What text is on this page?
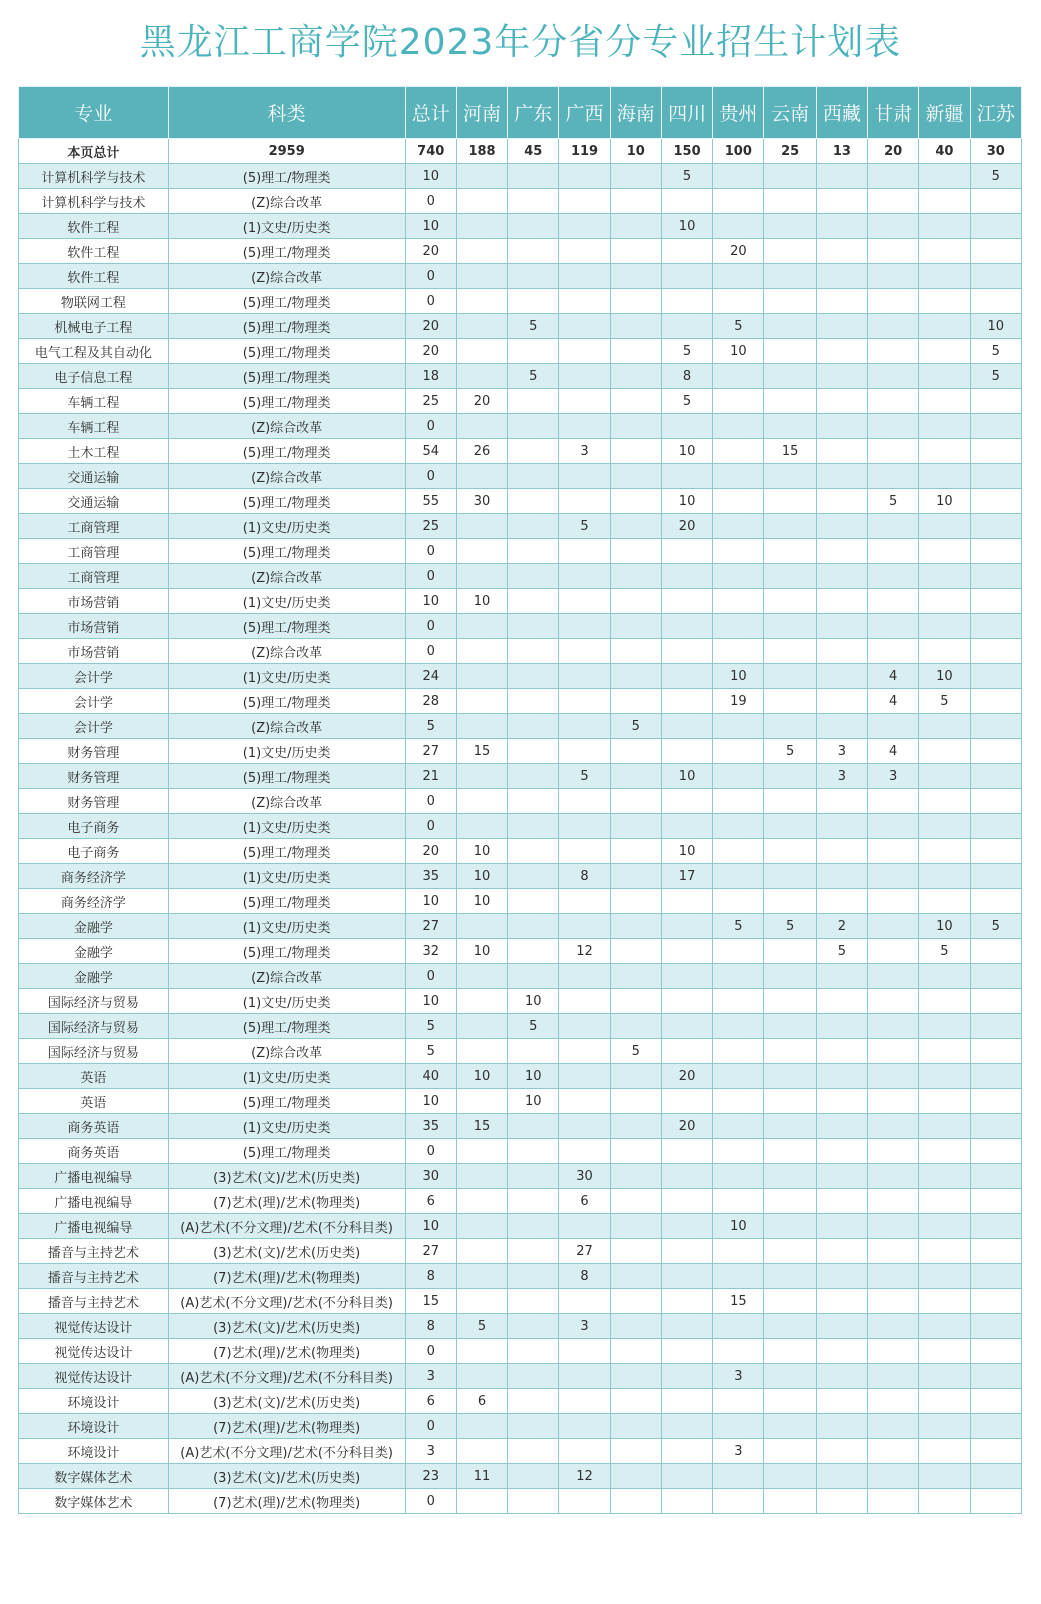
黑龙江工商学院2023年分省分专业招生计划表
专业	科类	总计	河南	广东	广西	海南	四川	贵州	云南	西藏	甘肃	新疆	江苏
本页总计	2959	740	188	45	119	10	150	100	25	13	20	40	30
计算机科学与技术	(5)理工/物理类	10					5						5
计算机科学与技术	(Z)综合改革	0											
软件工程	(1)文史/历史类	10					10						
软件工程	(5)理工/物理类	20						20					
软件工程	(Z)综合改革	0											
物联网工程	(5)理工/物理类	0											
机械电子工程	(5)理工/物理类	20		5				5					10
电气工程及其自动化	(5)理工/物理类	20					5	10					5
电子信息工程	(5)理工/物理类	18		5			8						5
车辆工程	(5)理工/物理类	25	20				5						
车辆工程	(Z)综合改革	0											
土木工程	(5)理工/物理类	54	26		3		10		15				
交通运输	(Z)综合改革	0											
交通运输	(5)理工/物理类	55	30				10				5	10	
工商管理	(1)文史/历史类	25			5		20						
工商管理	(5)理工/物理类	0											
工商管理	(Z)综合改革	0											
市场营销	(1)文史/历史类	10	10										
市场营销	(5)理工/物理类	0											
市场营销	(Z)综合改革	0											
会计学	(1)文史/历史类	24						10			4	10	
会计学	(5)理工/物理类	28						19			4	5	
会计学	(Z)综合改革	5				5							
财务管理	(1)文史/历史类	27	15						5	3	4		
财务管理	(5)理工/物理类	21			5		10			3	3		
财务管理	(Z)综合改革	0											
电子商务	(1)文史/历史类	0											
电子商务	(5)理工/物理类	20	10				10						
商务经济学	(1)文史/历史类	35	10		8		17						
商务经济学	(5)理工/物理类	10	10										
金融学	(1)文史/历史类	27						5	5	2		10	5
金融学	(5)理工/物理类	32	10		12					5		5	
金融学	(Z)综合改革	0											
国际经济与贸易	(1)文史/历史类	10		10									
国际经济与贸易	(5)理工/物理类	5		5									
国际经济与贸易	(Z)综合改革	5				5							
英语	(1)文史/历史类	40	10	10			20						
英语	(5)理工/物理类	10		10									
商务英语	(1)文史/历史类	35	15				20						
商务英语	(5)理工/物理类	0											
广播电视编导	(3)艺术(文)/艺术(历史类)	30			30								
广播电视编导	(7)艺术(理)/艺术(物理类)	6			6								
广播电视编导	(A)艺术(不分文理)/艺术(不分科目类)	10						10					
播音与主持艺术	(3)艺术(文)/艺术(历史类)	27			27								
播音与主持艺术	(7)艺术(理)/艺术(物理类)	8			8								
播音与主持艺术	(A)艺术(不分文理)/艺术(不分科目类)	15						15					
视觉传达设计	(3)艺术(文)/艺术(历史类)	8	5		3								
视觉传达设计	(7)艺术(理)/艺术(物理类)	0											
视觉传达设计	(A)艺术(不分文理)/艺术(不分科目类)	3						3					
环境设计	(3)艺术(文)/艺术(历史类)	6	6										
环境设计	(7)艺术(理)/艺术(物理类)	0											
环境设计	(A)艺术(不分文理)/艺术(不分科目类)	3						3					
数字媒体艺术	(3)艺术(文)/艺术(历史类)	23	11		12								
数字媒体艺术	(7)艺术(理)/艺术(物理类)	0											
